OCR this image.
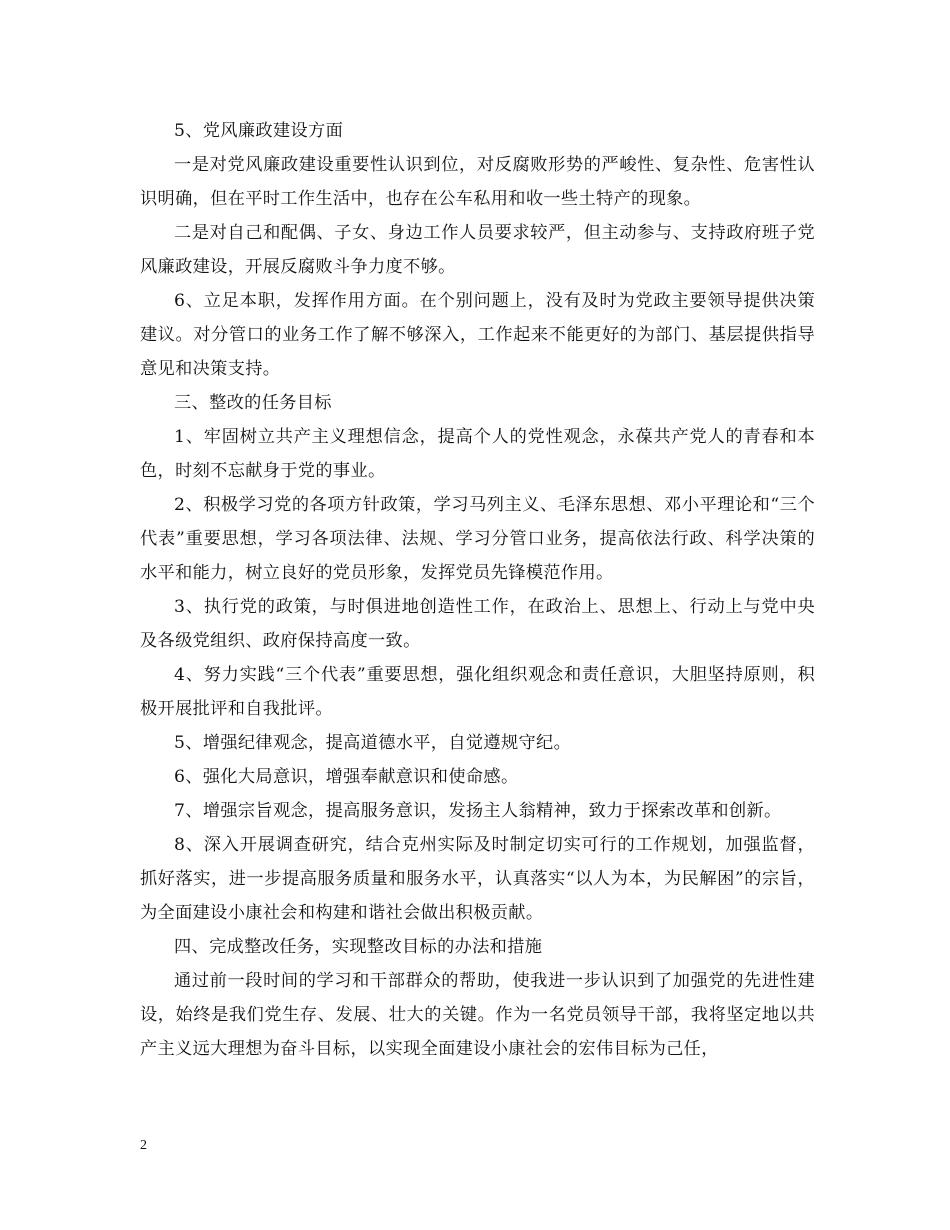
5、党风廉政建设方面

一是对党风廉政建设重要性认识到位，对反腐败形势的严峻性、复杂性、危害性认识明确，但在平时工作生活中，也存在公车私用和收一些土特产的现象。

二是对自己和配偶、子女、身边工作人员要求较严，但主动参与、支持政府班子党风廉政建设，开展反腐败斗争力度不够。

6、立足本职，发挥作用方面。在个别问题上，没有及时为党政主要领导提供决策建议。对分管口的业务工作了解不够深入，工作起来不能更好的为部门、基层提供指导意见和决策支持。

三、整改的任务目标

1、牢固树立共产主义理想信念，提高个人的党性观念，永葆共产党人的青春和本色，时刻不忘献身于党的事业。

2、积极学习党的各项方针政策，学习马列主义、毛泽东思想、邓小平理论和“三个代表”重要思想，学习各项法律、法规、学习分管口业务，提高依法行政、科学决策的水平和能力，树立良好的党员形象，发挥党员先锋模范作用。

3、执行党的政策，与时俱进地创造性工作，在政治上、思想上、行动上与党中央及各级党组织、政府保持高度一致。

4、努力实践“三个代表”重要思想，强化组织观念和责任意识，大胆坚持原则，积极开展批评和自我批评。

5、增强纪律观念，提高道德水平，自觉遵规守纪。

6、强化大局意识，增强奉献意识和使命感。

7、增强宗旨观念，提高服务意识，发扬主人翁精神，致力于探索改革和创新。

8、深入开展调查研究，结合克州实际及时制定切实可行的工作规划，加强监督，抓好落实，进一步提高服务质量和服务水平，认真落实“以人为本，为民解困”的宗旨，为全面建设小康社会和构建和谐社会做出积极贡献。

四、完成整改任务，实现整改目标的办法和措施

通过前一段时间的学习和干部群众的帮助，使我进一步认识到了加强党的先进性建设，始终是我们党生存、发展、壮大的关键。作为一名党员领导干部，我将坚定地以共产主义远大理想为奋斗目标，以实现全面建设小康社会的宏伟目标为己任，

2
